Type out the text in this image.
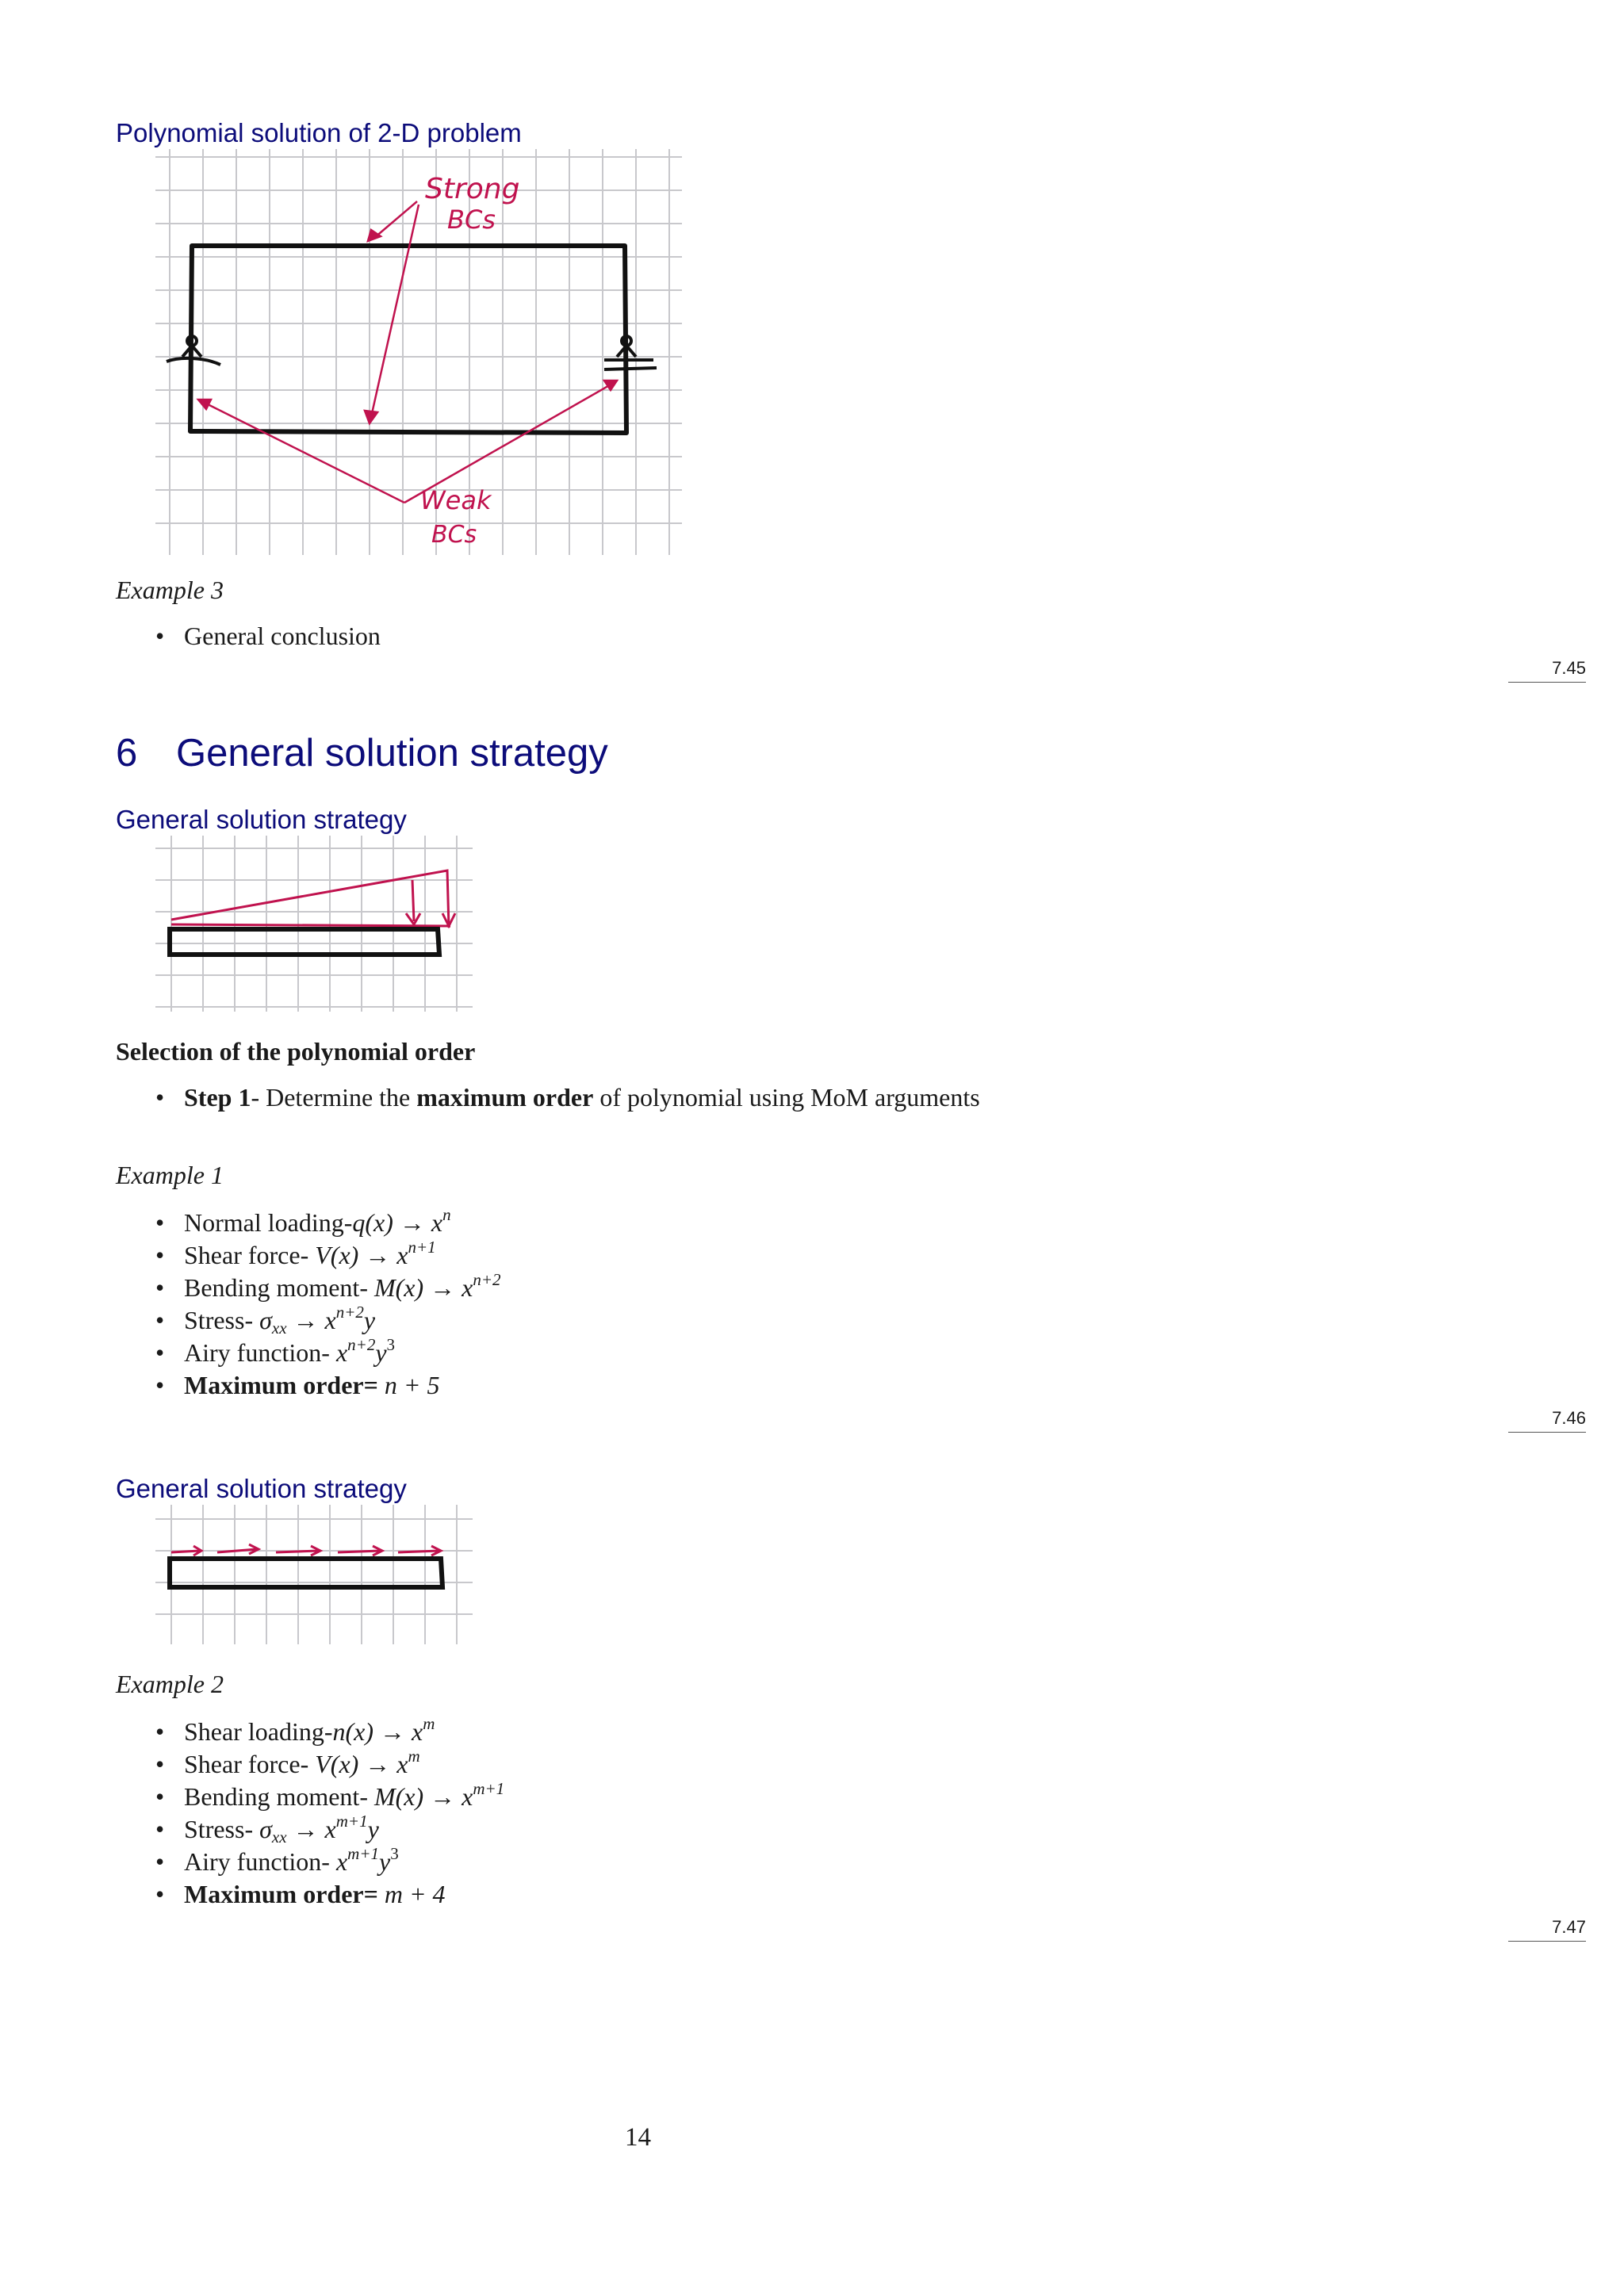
Polynomial solution of 2-D problem
Strong
BCs
Weak
BCs
Example 3
• General conclusion
7.45
6 General solution strategy
General solution strategy
Selection of the polynomial order
• Step 1- Determine the maximum order of polynomial using MoM arguments
Example 1
• Normal loading-q(x) → $x^n$
• Shear force- $V(x) \to x^{n+1}$
• Bending moment- $M(x) \to x^{n+2}$
• Stress- $\sigma_{xx} \to x^{n+2}y$
• Airy function- $x^{n+2}y^3$
• Maximum order= n + 5
7.46
General solution strategy
Example 2
• Shear loading-n(x) → $x^m$
• Shear force- $V(x) \to x^m$
• Bending moment- $M(x) \to x^{m+1}$
• Stress- $\sigma_{xx} \to x^{m+1}y$
• Airy function- $x^{m+1}y^3$
• Maximum order= m + 4
7.47
14
